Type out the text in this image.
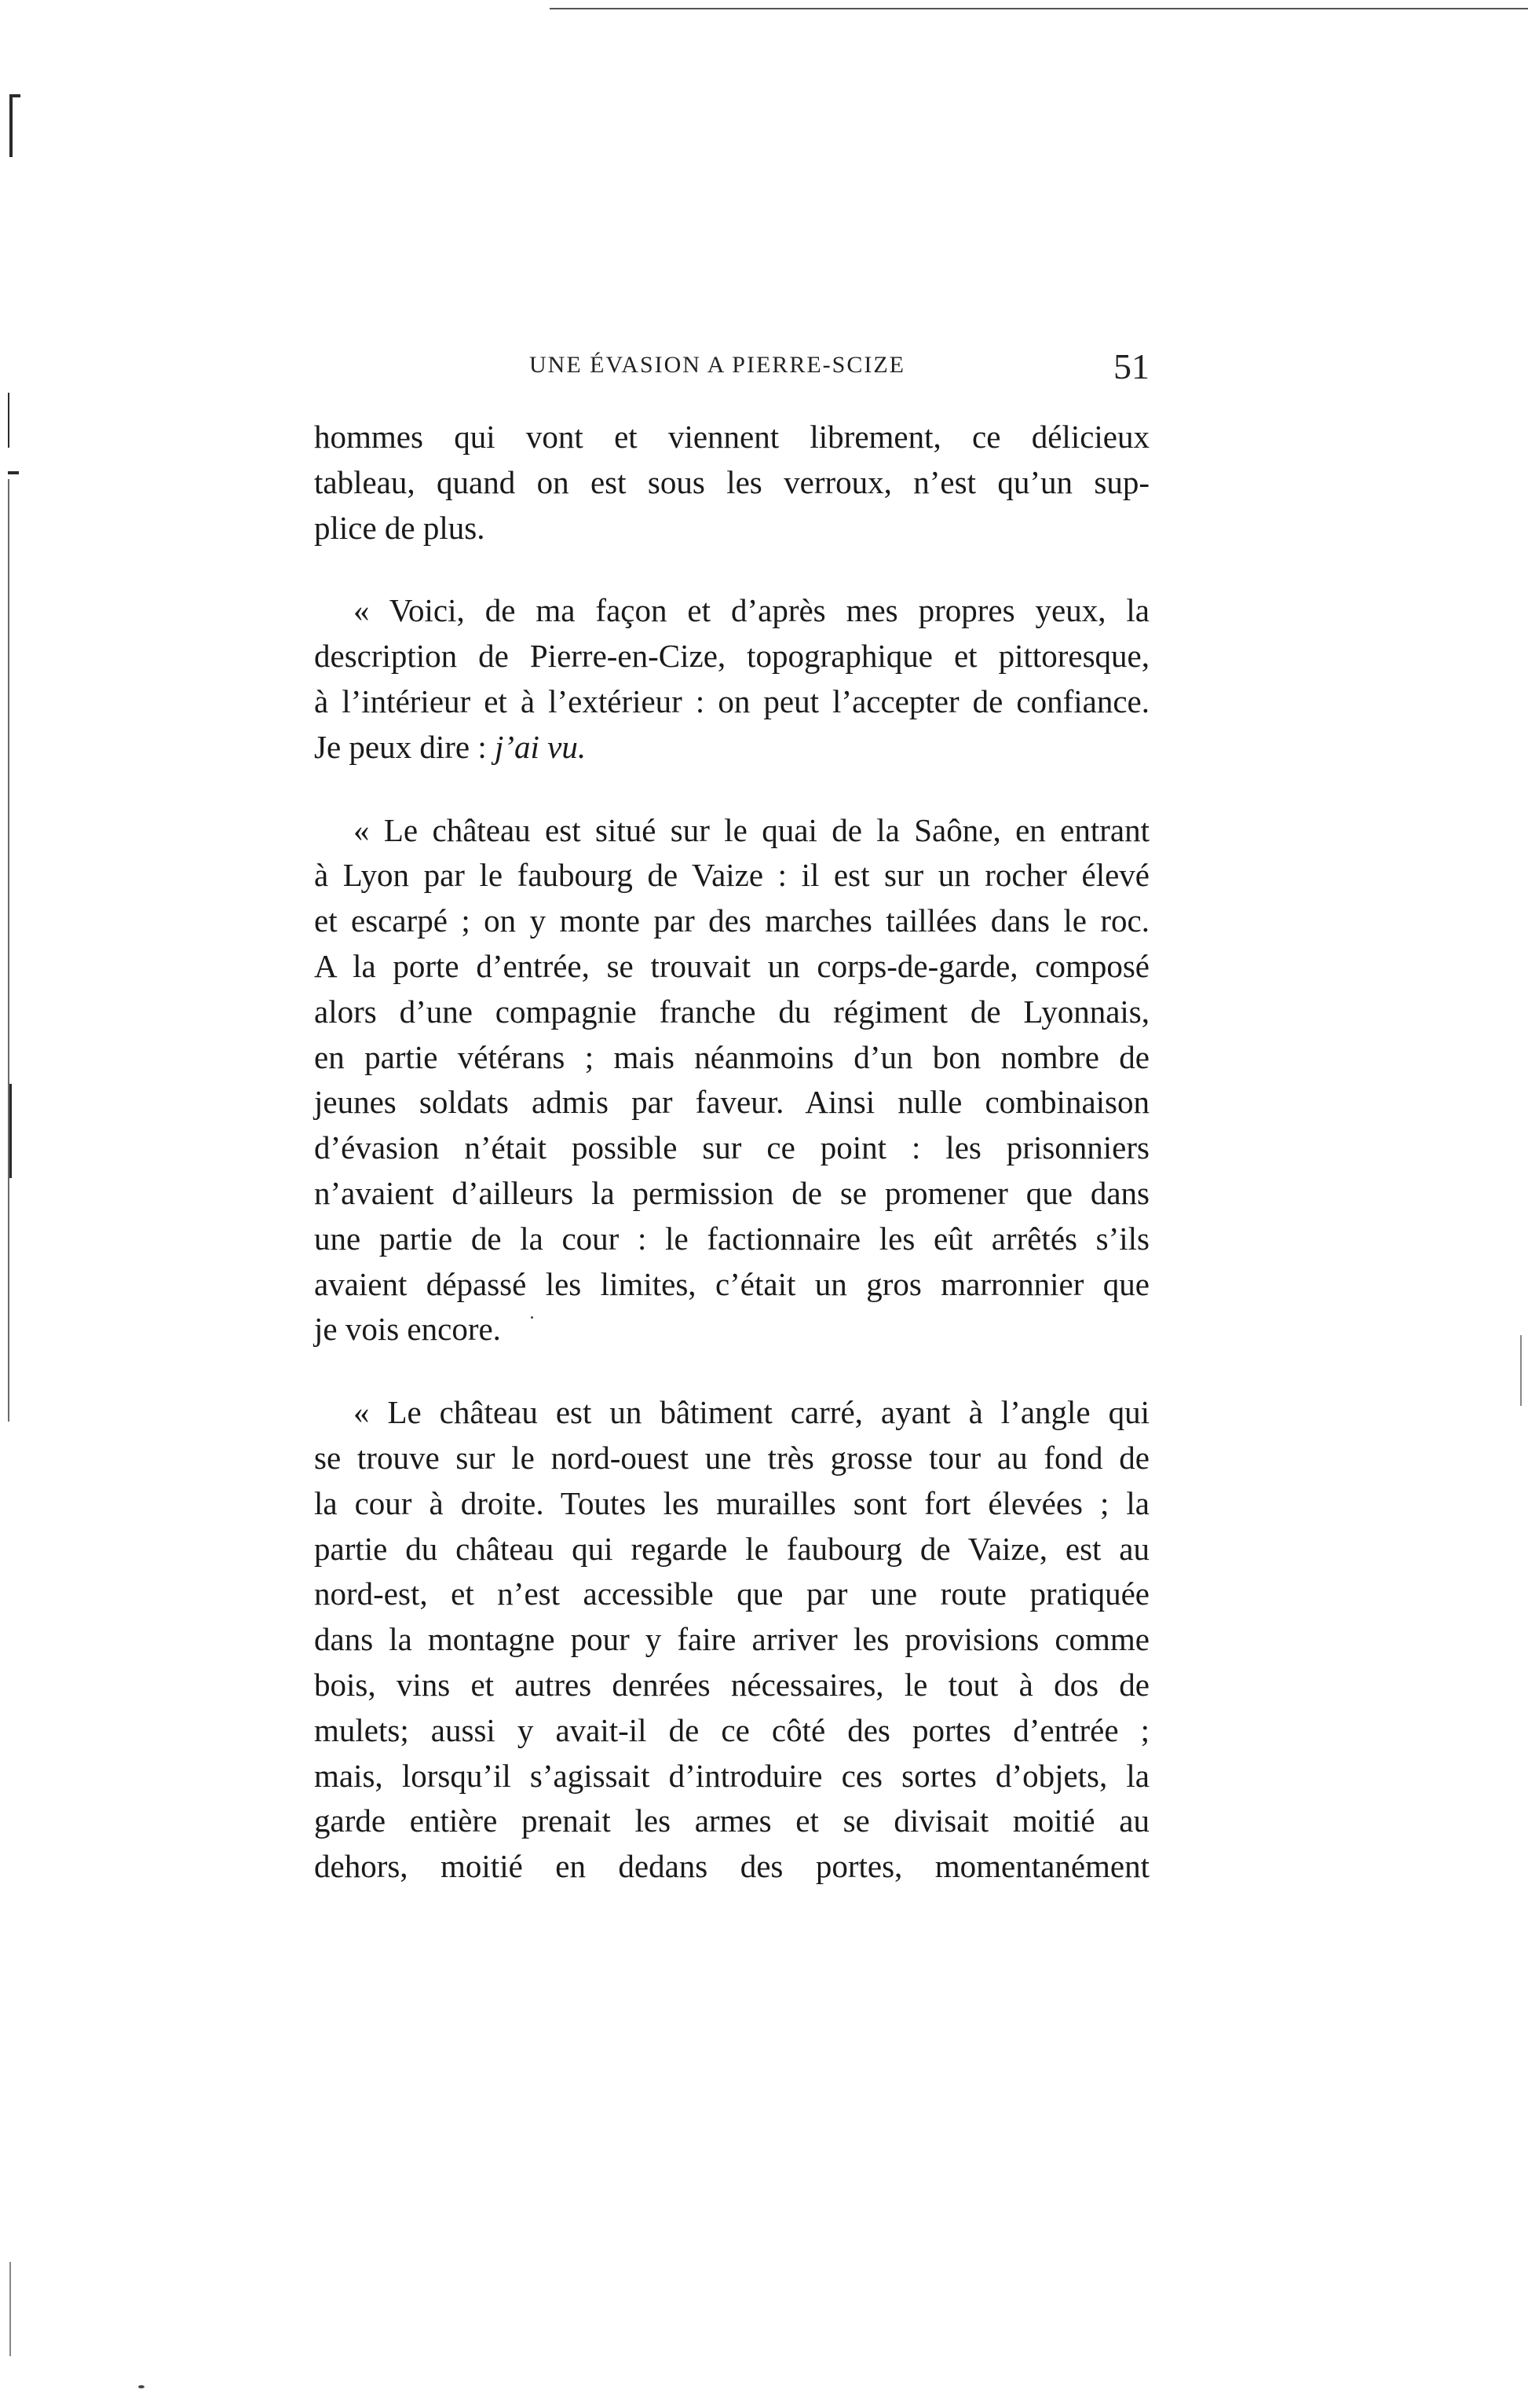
UNE ÉVASION A PIERRE-SCIZE	51

hommes qui vont et viennent librement, ce délicieux
tableau, quand on est sous les verroux, n’est qu’un sup-
plice de plus.

« Voici, de ma façon et d’après mes propres yeux, la
description de Pierre-en-Cize, topographique et pittoresque,
à l’intérieur et à l’extérieur : on peut l’accepter de confiance.
Je peux dire : j’ai vu.

« Le château est situé sur le quai de la Saône, en entrant
à Lyon par le faubourg de Vaize : il est sur un rocher élevé
et escarpé ; on y monte par des marches taillées dans le roc.
A la porte d’entrée, se trouvait un corps-de-garde, composé
alors d’une compagnie franche du régiment de Lyonnais,
en partie vétérans ; mais néanmoins d’un bon nombre de
jeunes soldats admis par faveur. Ainsi nulle combinaison
d’évasion n’était possible sur ce point : les prisonniers
n’avaient d’ailleurs la permission de se promener que dans
une partie de la cour : le factionnaire les eût arrêtés s’ils
avaient dépassé les limites, c’était un gros marronnier que
je vois encore.

« Le château est un bâtiment carré, ayant à l’angle qui
se trouve sur le nord-ouest une très grosse tour au fond de
la cour à droite. Toutes les murailles sont fort élevées ; la
partie du château qui regarde le faubourg de Vaize, est au
nord-est, et n’est accessible que par une route pratiquée
dans la montagne pour y faire arriver les provisions comme
bois, vins et autres denrées nécessaires, le tout à dos de
mulets; aussi y avait-il de ce côté des portes d’entrée ;
mais, lorsqu’il s’agissait d’introduire ces sortes d’objets, la
garde entière prenait les armes et se divisait moitié au
dehors, moitié en dedans des portes, momentanément
